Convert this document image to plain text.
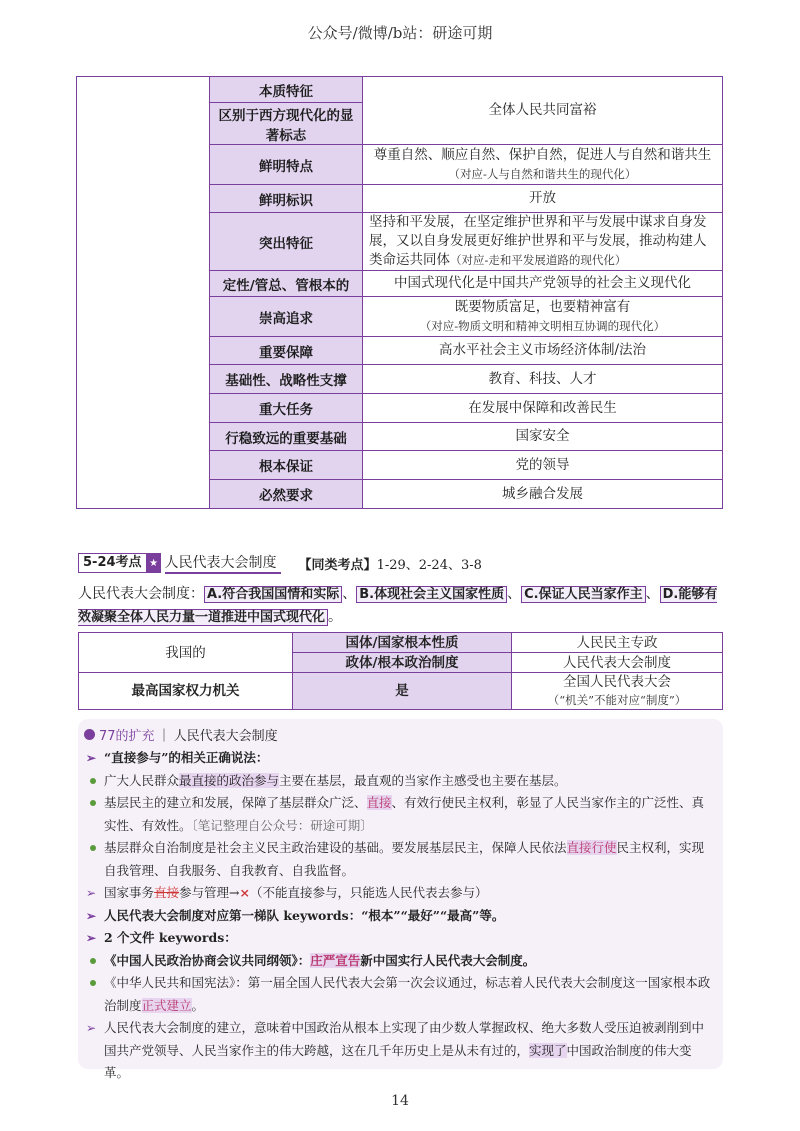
公众号/微博/b站：研途可期
	本质特征	全体人民共同富裕
	区别于西方现代化的显著标志	
	鲜明特点	尊重自然、顺应自然、保护自然，促进人与自然和谐共生
（对应-人与自然和谐共生的现代化）
	鲜明标识	开放
	突出特征	坚持和平发展，在坚定维护世界和平与发展中谋求自身发展，又以自身发展更好维护世界和平与发展，推动构建人类命运共同体（对应-走和平发展道路的现代化）
	定性/管总、管根本的	中国式现代化是中国共产党领导的社会主义现代化
	崇高追求	既要物质富足，也要精神富有
（对应-物质文明和精神文明相互协调的现代化）
	重要保障	高水平社会主义市场经济体制/法治
	基础性、战略性支撑	教育、科技、人才
	重大任务	在发展中保障和改善民生
	行稳致远的重要基础	国家安全
	根本保证	党的领导
	必然要求	城乡融合发展
5-24考点 ★ 人民代表大会制度	【同类考点】1-29、2-24、3-8
人民代表大会制度： A.符合我国国情和实际 、 B.体现社会主义国家性质 、 C.保证人民当家作主 、 D.能够有效凝聚全体人民力量一道推进中国式现代化 。
我国的	国体/国家根本性质	人民民主专政
	政体/根本政治制度	人民代表大会制度
最高国家权力机关	是	全国人民代表大会
（“机关”不能对应“制度”）
77的扩充 ｜ 人民代表大会制度
➢ “直接参与”的相关正确说法：
广大人民群众最直接的政治参与主要在基层，最直观的当家作主感受也主要在基层。
基层民主的建立和发展，保障了基层群众广泛、直接、有效行使民主权利，彰显了人民当家作主的广泛性、真实性、有效性。〔笔记整理自公众号：研途可期〕
基层群众自治制度是社会主义民主政治建设的基础。要发展基层民主，保障人民依法直接行使民主权利，实现自我管理、自我服务、自我教育、自我监督。
➢ 国家事务直接参与管理→×（不能直接参与，只能选人民代表去参与）
➢ 人民代表大会制度对应第一梯队 keywords：“根本”“最好”“最高”等。
➢ 2 个文件 keywords：
《中国人民政治协商会议共同纲领》：庄严宣告新中国实行人民代表大会制度。
《中华人民共和国宪法》：第一届全国人民代表大会第一次会议通过，标志着人民代表大会制度这一国家根本政治制度正式建立。
➢ 人民代表大会制度的建立，意味着中国政治从根本上实现了由少数人掌握政权、绝大多数人受压迫被剥削到中国共产党领导、人民当家作主的伟大跨越，这在几千年历史上是从未有过的，实现了中国政治制度的伟大变革。
14
